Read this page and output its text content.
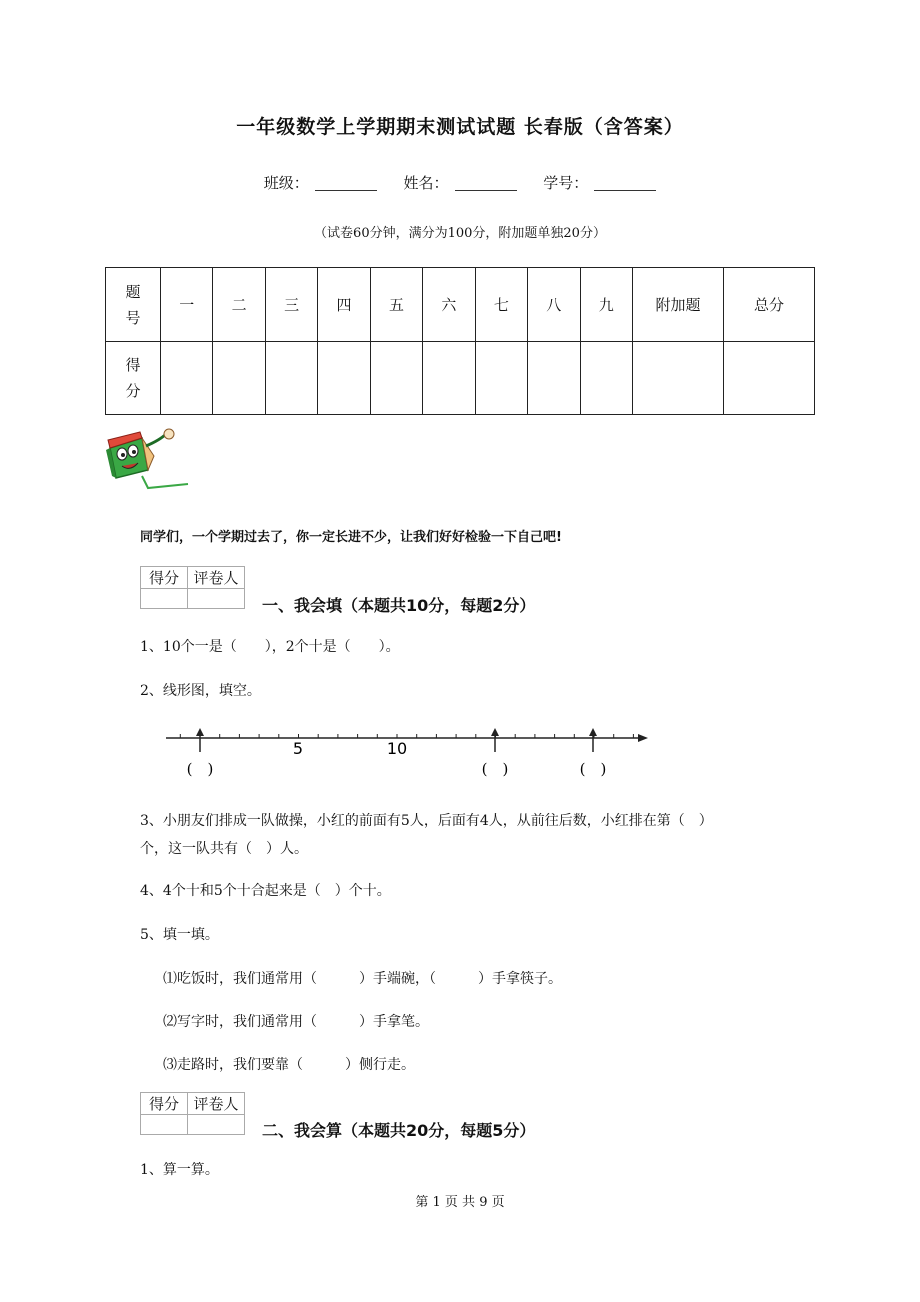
一年级数学上学期期末测试试题 长春版（含答案）
班级：	姓名：	学号：
（试卷60分钟，满分为100分，附加题单独20分）
题
号	一	二	三	四	五	六	七	八	九	附加题	总分
得
分											
同学们，一个学期过去了，你一定长进不少，让我们好好检验一下自己吧!
得分	评卷人

一、我会填（本题共10分，每题2分）
1、10个一是（　　），2个十是（　　）。
2、线形图，填空。
5	10
(　)	(　)	(　)
3、小朋友们排成一队做操，小红的前面有5人，后面有4人，从前往后数，小红排在第（　）
个，这一队共有（　）人。
4、4个十和5个十合起来是（　）个十。
5、填一填。
⑴吃饭时，我们通常用（　　　）手端碗，（　　　）手拿筷子。
⑵写字时，我们通常用（　　　）手拿笔。
⑶走路时，我们要靠（　　　）侧行走。
得分	评卷人

二、我会算（本题共20分，每题5分）
1、算一算。
第 1 页 共 9 页
